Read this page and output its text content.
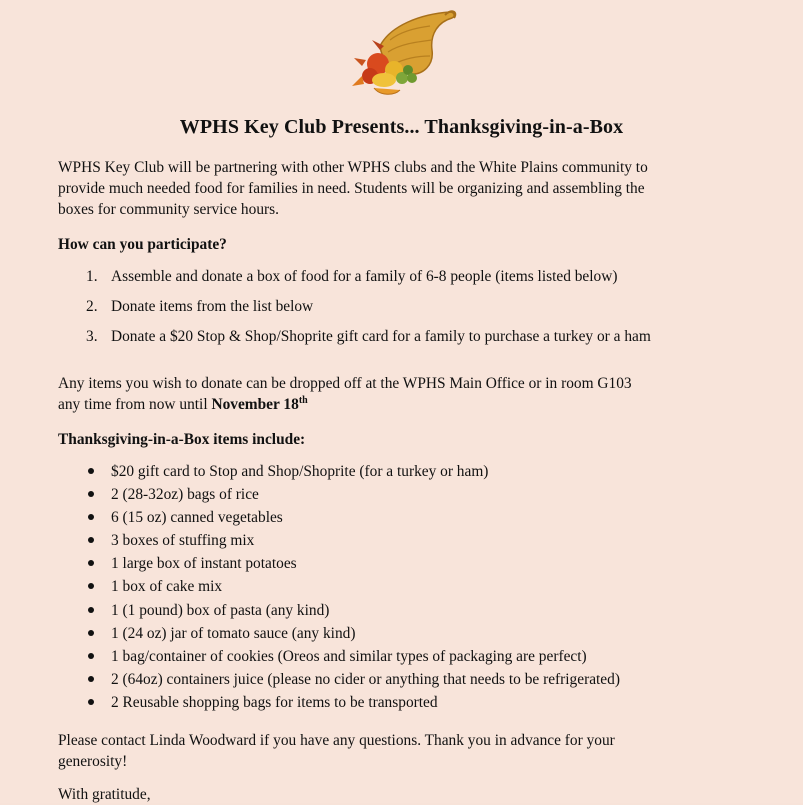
WPHS Key Club Presents... Thanksgiving-in-a-Box
WPHS Key Club will be partnering with other WPHS clubs and the White Plains community to
provide much needed food for families in need. Students will be organizing and assembling the
boxes for community service hours.
How can you participate?
1. Assemble and donate a box of food for a family of 6-8 people (items listed below)
2. Donate items from the list below
3. Donate a $20 Stop & Shop/Shoprite gift card for a family to purchase a turkey or a ham
Any items you wish to donate can be dropped off at the WPHS Main Office or in room G103
any time from now until November 18th
Thanksgiving-in-a-Box items include:
$20 gift card to Stop and Shop/Shoprite (for a turkey or ham)
2 (28-32oz) bags of rice
6 (15 oz) canned vegetables
3 boxes of stuffing mix
1 large box of instant potatoes
1 box of cake mix
1 (1 pound) box of pasta (any kind)
1 (24 oz) jar of tomato sauce (any kind)
1 bag/container of cookies (Oreos and similar types of packaging are perfect)
2 (64oz) containers juice (please no cider or anything that needs to be refrigerated)
2 Reusable shopping bags for items to be transported
Please contact Linda Woodward if you have any questions. Thank you in advance for your
generosity!
With gratitude,
